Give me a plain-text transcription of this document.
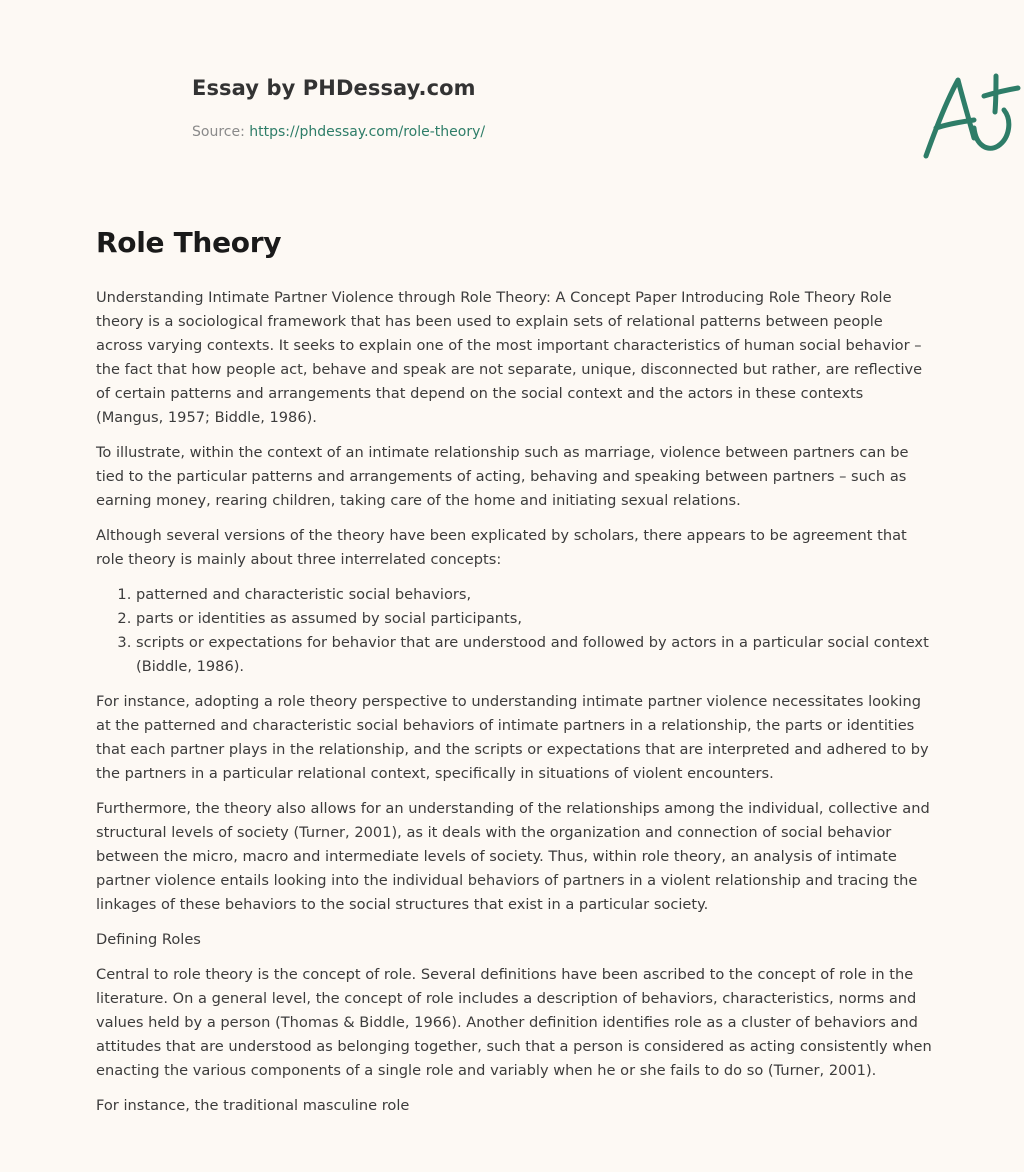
Essay by PHDessay.com
Source: https://phdessay.com/role-theory/
Role Theory

Understanding Intimate Partner Violence through Role Theory: A Concept Paper Introducing Role Theory Role theory is a sociological framework that has been used to explain sets of relational patterns between people across varying contexts. It seeks to explain one of the most important characteristics of human social behavior – the fact that how people act, behave and speak are not separate, unique, disconnected but rather, are reflective of certain patterns and arrangements that depend on the social context and the actors in these contexts (Mangus, 1957; Biddle, 1986).

To illustrate, within the context of an intimate relationship such as marriage, violence between partners can be tied to the particular patterns and arrangements of acting, behaving and speaking between partners – such as earning money, rearing children, taking care of the home and initiating sexual relations.

Although several versions of the theory have been explicated by scholars, there appears to be agreement that role theory is mainly about three interrelated concepts:

1. patterned and characteristic social behaviors,
2. parts or identities as assumed by social participants,
3. scripts or expectations for behavior that are understood and followed by actors in a particular social context (Biddle, 1986).

For instance, adopting a role theory perspective to understanding intimate partner violence necessitates looking at the patterned and characteristic social behaviors of intimate partners in a relationship, the parts or identities that each partner plays in the relationship, and the scripts or expectations that are interpreted and adhered to by the partners in a particular relational context, specifically in situations of violent encounters.

Furthermore, the theory also allows for an understanding of the relationships among the individual, collective and structural levels of society (Turner, 2001), as it deals with the organization and connection of social behavior between the micro, macro and intermediate levels of society. Thus, within role theory, an analysis of intimate partner violence entails looking into the individual behaviors of partners in a violent relationship and tracing the linkages of these behaviors to the social structures that exist in a particular society.

Defining Roles

Central to role theory is the concept of role. Several definitions have been ascribed to the concept of role in the literature. On a general level, the concept of role includes a description of behaviors, characteristics, norms and values held by a person (Thomas & Biddle, 1966). Another definition identifies role as a cluster of behaviors and attitudes that are understood as belonging together, such that a person is considered as acting consistently when enacting the various components of a single role and variably when he or she fails to do so (Turner, 2001).

For instance, the traditional masculine role
